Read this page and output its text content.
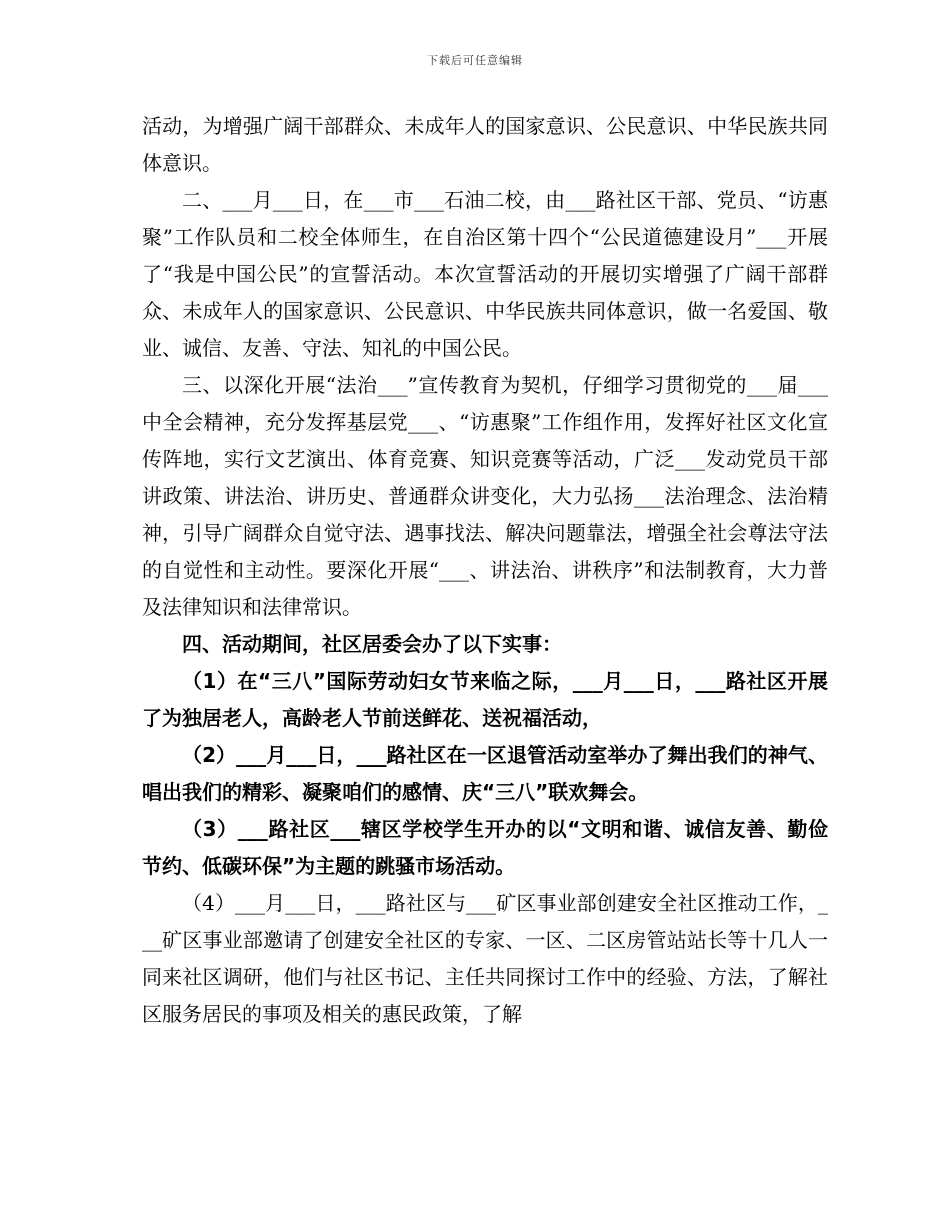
下载后可任意编辑

活动，为增强广阔干部群众、未成年人的国家意识、公民意识、中华民族共同体意识。

二、___月___日，在___市___石油二校，由___路社区干部、党员、“访惠聚”工作队员和二校全体师生，在自治区第十四个“公民道德建设月”___开展了“我是中国公民”的宣誓活动。本次宣誓活动的开展切实增强了广阔干部群众、未成年人的国家意识、公民意识、中华民族共同体意识，做一名爱国、敬业、诚信、友善、守法、知礼的中国公民。

三、以深化开展“法治___”宣传教育为契机，仔细学习贯彻党的___届___中全会精神，充分发挥基层党___、“访惠聚”工作组作用，发挥好社区文化宣传阵地，实行文艺演出、体育竞赛、知识竞赛等活动，广泛___发动党员干部讲政策、讲法治、讲历史、普通群众讲变化，大力弘扬___法治理念、法治精神，引导广阔群众自觉守法、遇事找法、解决问题靠法，增强全社会尊法守法的自觉性和主动性。要深化开展“___、讲法治、讲秩序”和法制教育，大力普及法律知识和法律常识。

四、活动期间，社区居委会办了以下实事：

（1）在“三八”国际劳动妇女节来临之际，___月___日，___路社区开展了为独居老人，高龄老人节前送鲜花、送祝福活动，

（2）___月___日，___路社区在一区退管活动室举办了舞出我们的神气、唱出我们的精彩、凝聚咱们的感情、庆“三八”联欢舞会。

（3）___路社区___辖区学校学生开办的以“文明和谐、诚信友善、勤俭节约、低碳环保”为主题的跳骚市场活动。

（4）___月___日，___路社区与___矿区事业部创建安全社区推动工作，___矿区事业部邀请了创建安全社区的专家、一区、二区房管站站长等十几人一同来社区调研，他们与社区书记、主任共同探讨工作中的经验、方法，了解社区服务居民的事项及相关的惠民政策，了解
